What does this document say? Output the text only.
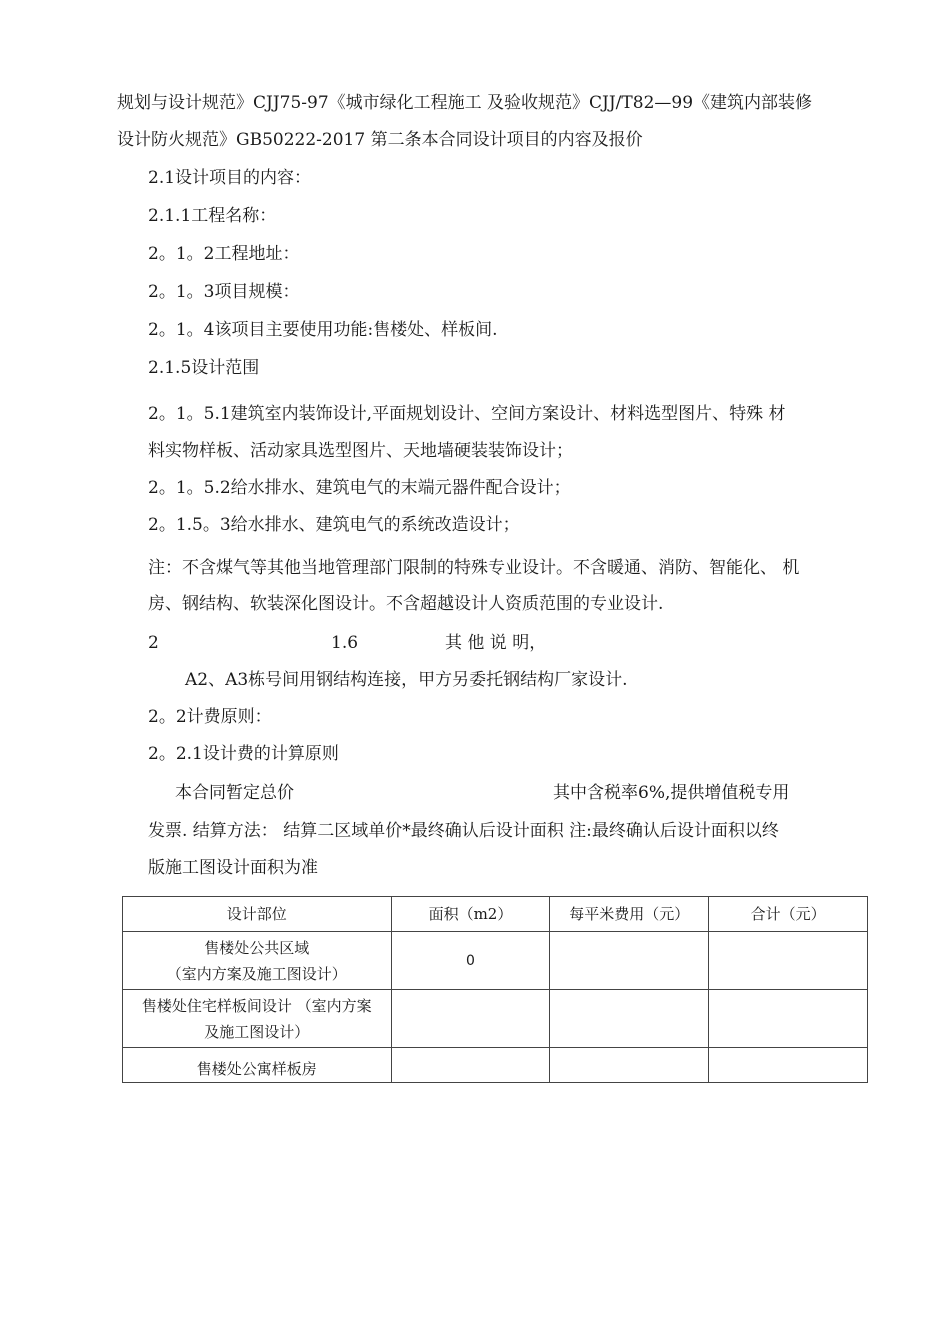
规划与设计规范》CJJ75-97《城市绿化工程施工 及验收规范》CJJ/T82—99《建筑内部装修
设计防火规范》GB50222-2017 第二条本合同设计项目的内容及报价
2.1设计项目的内容：
2.1.1工程名称：
2。1。2工程地址：
2。1。3项目规模：
2。1。4该项目主要使用功能:售楼处、样板间.
2.1.5设计范围
2。1。5.1建筑室内装饰设计,平面规划设计、空间方案设计、材料选型图片、特殊 材
料实物样板、活动家具选型图片、天地墙硬装装饰设计；
2。1。5.2给水排水、建筑电气的末端元器件配合设计；
2。1.5。3给水排水、建筑电气的系统改造设计；
注：不含煤气等其他当地管理部门限制的特殊专业设计。不含暖通、消防、智能化、 机
房、钢结构、软装深化图设计。不含超越设计人资质范围的专业设计.
2	1.6	其 他 说 明，
A2、A3栋号间用钢结构连接，甲方另委托钢结构厂家设计.
2。2计费原则：
2。2.1设计费的计算原则
本合同暂定总价	其中含税率6%,提供增值税专用
发票. 结算方法： 结算二区域单价*最终确认后设计面积 注:最终确认后设计面积以终
版施工图设计面积为准
设计部位	面积（m2）	每平米费用（元）	合计（元）

售楼处公共区域
（室内方案及施工图设计）	0		

售楼处住宅样板间设计 （室内方案
及施工图设计）			

售楼处公寓样板房			
